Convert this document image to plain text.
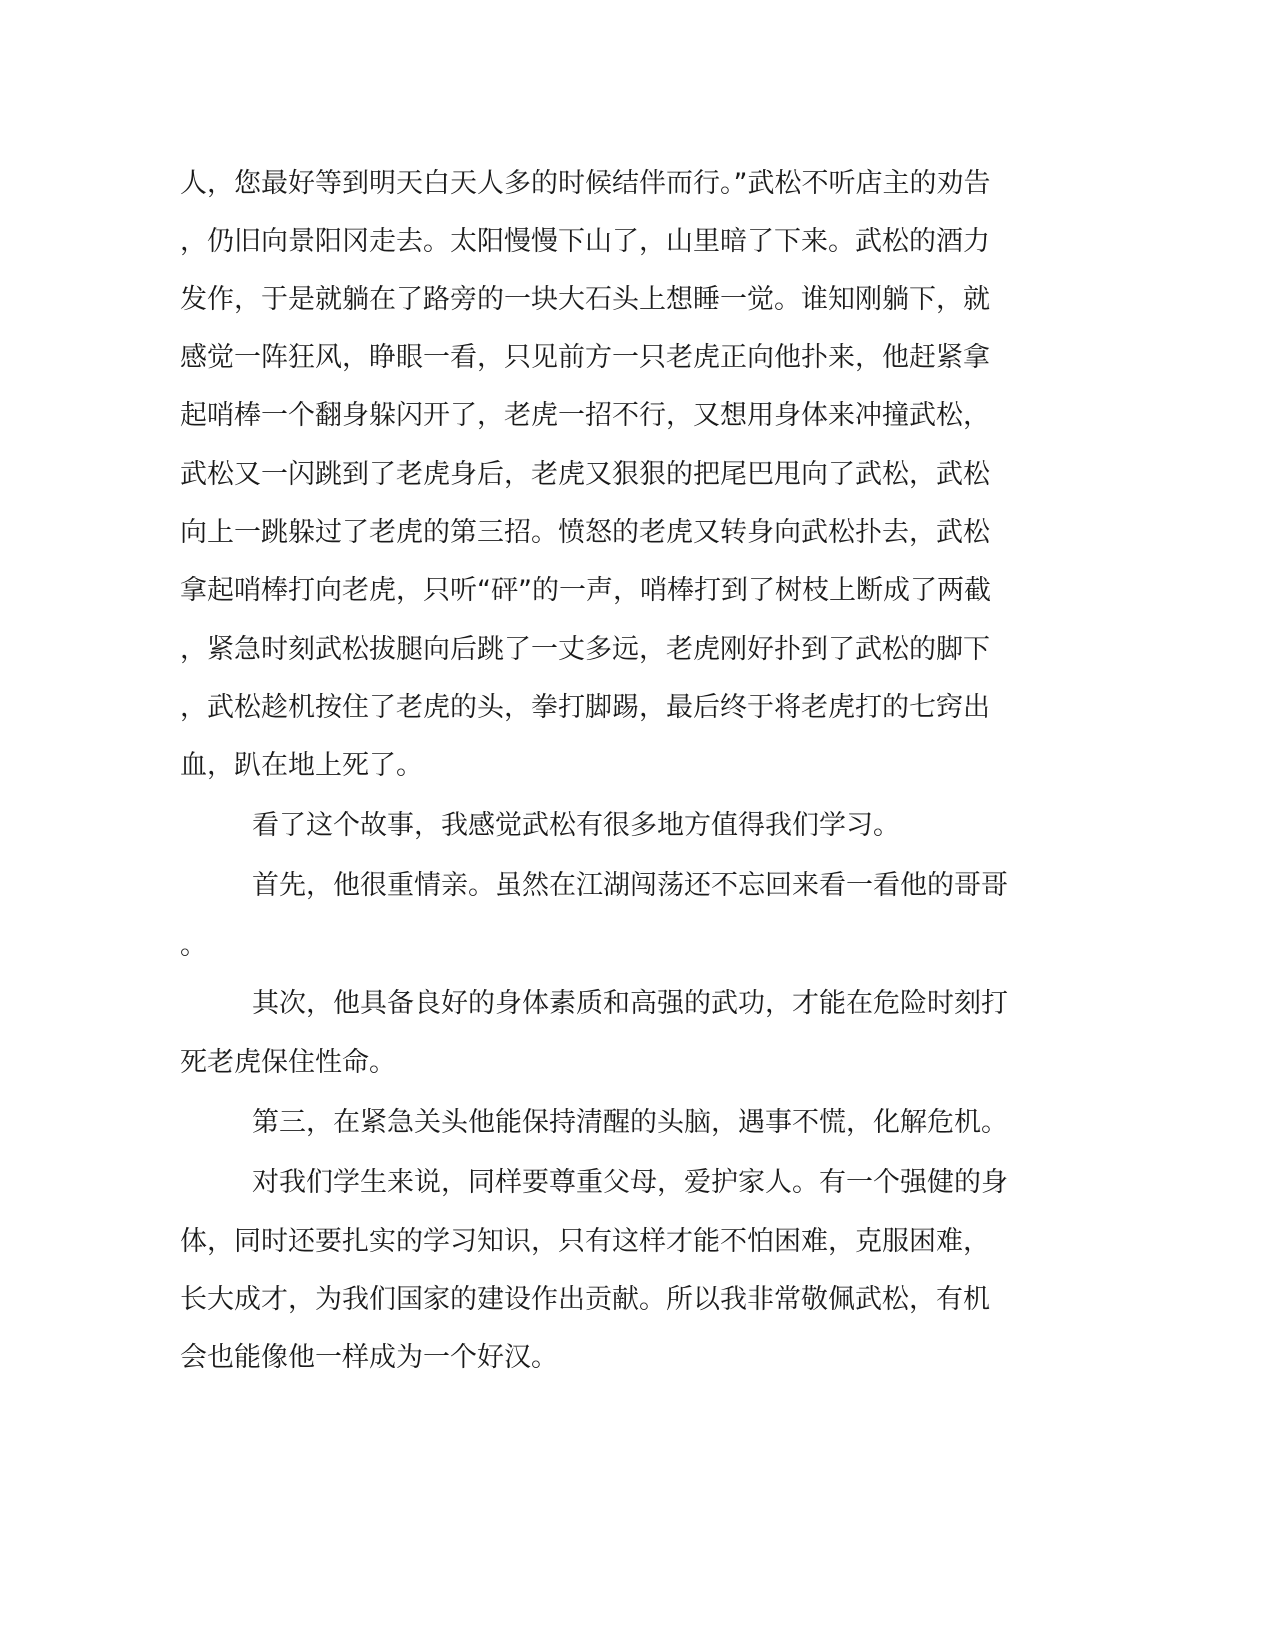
人，您最好等到明天白天人多的时候结伴而行。”武松不听店主的劝告
，仍旧向景阳冈走去。太阳慢慢下山了，山里暗了下来。武松的酒力
发作，于是就躺在了路旁的一块大石头上想睡一觉。谁知刚躺下，就
感觉一阵狂风，睁眼一看，只见前方一只老虎正向他扑来，他赶紧拿
起哨棒一个翻身躲闪开了，老虎一招不行，又想用身体来冲撞武松，
武松又一闪跳到了老虎身后，老虎又狠狠的把尾巴甩向了武松，武松
向上一跳躲过了老虎的第三招。愤怒的老虎又转身向武松扑去，武松
拿起哨棒打向老虎，只听“砰”的一声，哨棒打到了树枝上断成了两截
，紧急时刻武松拔腿向后跳了一丈多远，老虎刚好扑到了武松的脚下
，武松趁机按住了老虎的头，拳打脚踢，最后终于将老虎打的七窍出
血，趴在地上死了。
看了这个故事，我感觉武松有很多地方值得我们学习。
首先，他很重情亲。虽然在江湖闯荡还不忘回来看一看他的哥哥
。
其次，他具备良好的身体素质和高强的武功，才能在危险时刻打
死老虎保住性命。
第三，在紧急关头他能保持清醒的头脑，遇事不慌，化解危机。
对我们学生来说，同样要尊重父母，爱护家人。有一个强健的身
体，同时还要扎实的学习知识，只有这样才能不怕困难，克服困难，
长大成才，为我们国家的建设作出贡献。所以我非常敬佩武松，有机
会也能像他一样成为一个好汉。
